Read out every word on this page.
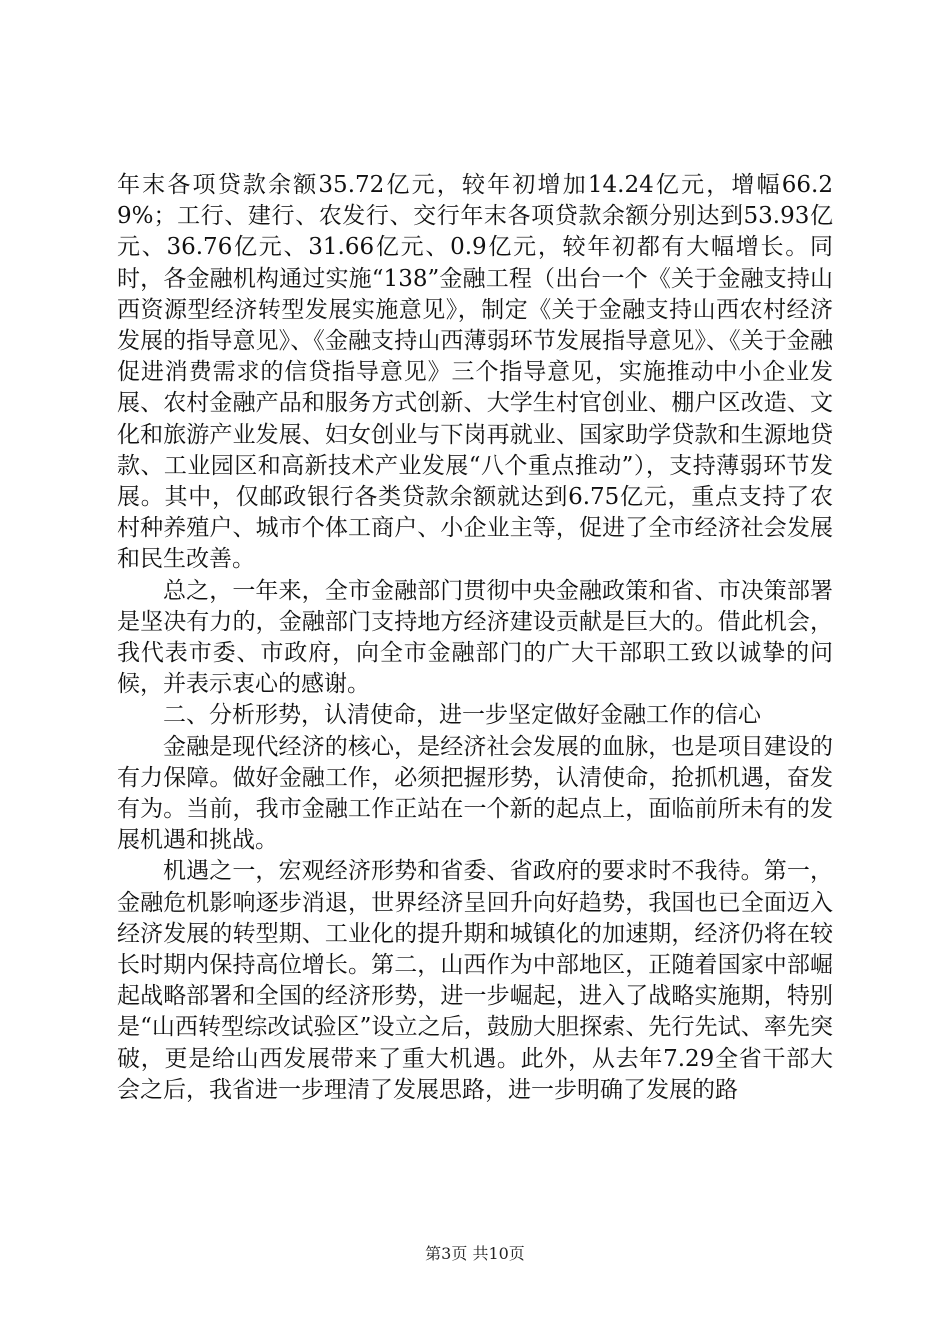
年末各项贷款余额35.72亿元，较年初增加14.24亿元，增幅66.29%；工行、建行、农发行、交行年末各项贷款余额分别达到53.93亿元、36.76亿元、31.66亿元、0.9亿元，较年初都有大幅增长。同时，各金融机构通过实施“138”金融工程（出台一个《关于金融支持山西资源型经济转型发展实施意见》，制定《关于金融支持山西农村经济发展的指导意见》、《金融支持山西薄弱环节发展指导意见》、《关于金融促进消费需求的信贷指导意见》三个指导意见，实施推动中小企业发展、农村金融产品和服务方式创新、大学生村官创业、棚户区改造、文化和旅游产业发展、妇女创业与下岗再就业、国家助学贷款和生源地贷款、工业园区和高新技术产业发展“八个重点推动”），支持薄弱环节发展。其中，仅邮政银行各类贷款余额就达到6.75亿元，重点支持了农村种养殖户、城市个体工商户、小企业主等，促进了全市经济社会发展和民生改善。

总之，一年来，全市金融部门贯彻中央金融政策和省、市决策部署是坚决有力的，金融部门支持地方经济建设贡献是巨大的。借此机会，我代表市委、市政府，向全市金融部门的广大干部职工致以诚挚的问候，并表示衷心的感谢。

二、分析形势，认清使命，进一步坚定做好金融工作的信心

金融是现代经济的核心，是经济社会发展的血脉，也是项目建设的有力保障。做好金融工作，必须把握形势，认清使命，抢抓机遇，奋发有为。当前，我市金融工作正站在一个新的起点上，面临前所未有的发展机遇和挑战。

机遇之一，宏观经济形势和省委、省政府的要求时不我待。第一，金融危机影响逐步消退，世界经济呈回升向好趋势，我国也已全面迈入经济发展的转型期、工业化的提升期和城镇化的加速期，经济仍将在较长时期内保持高位增长。第二，山西作为中部地区，正随着国家中部崛起战略部署和全国的经济形势，进一步崛起，进入了战略实施期，特别是“山西转型综改试验区”设立之后，鼓励大胆探索、先行先试、率先突破，更是给山西发展带来了重大机遇。此外，从去年7.29全省干部大会之后，我省进一步理清了发展思路，进一步明确了发展的路

第3页 共10页
